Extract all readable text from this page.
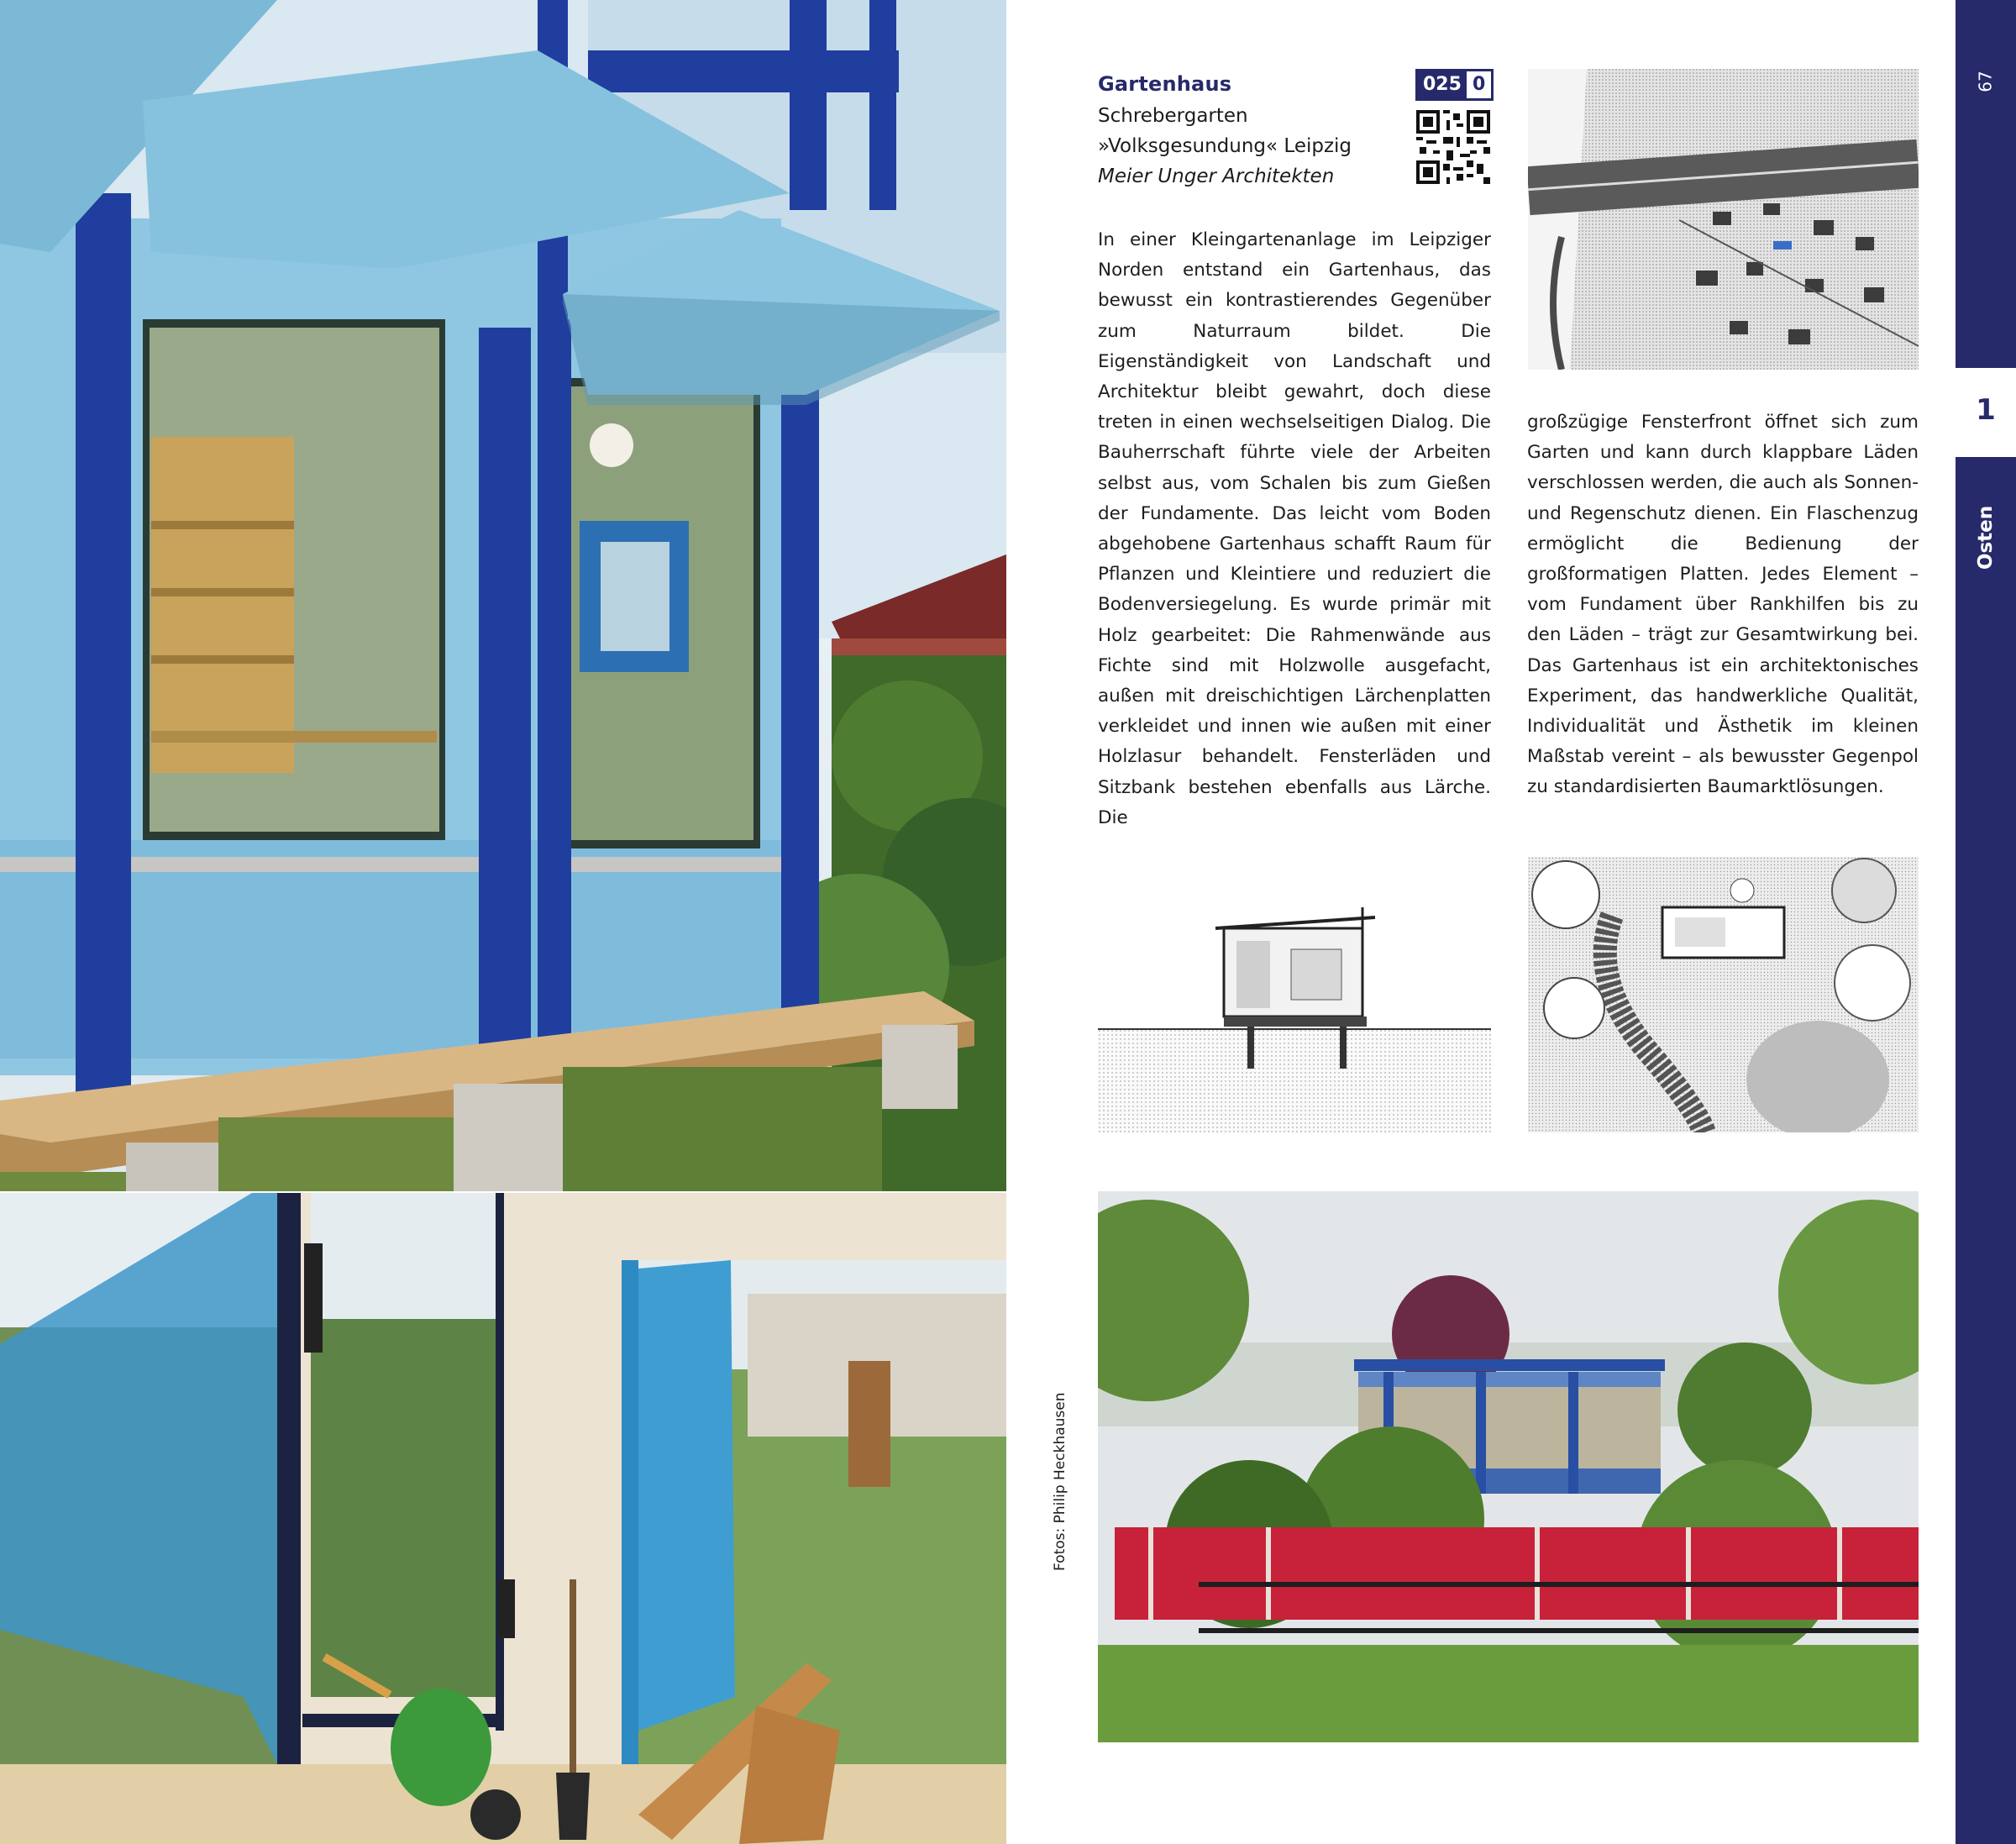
Gartenhaus
Schrebergarten
»Volksgesundung« Leipzig
Meier Unger Architekten
025 0

In einer Kleingartenanlage im Leipziger Norden entstand ein Gartenhaus, das bewusst ein kontrastierendes Gegenüber zum Naturraum bildet. Die Eigenständigkeit von Landschaft und Architektur bleibt gewahrt, doch diese treten in einen wechselseitigen Dialog. Die Bauherrschaft führte viele der Arbeiten selbst aus, vom Schalen bis zum Gießen der Fundamente. Das leicht vom Boden abgehobene Gartenhaus schafft Raum für Pflanzen und Kleintiere und reduziert die Bodenversiegelung. Es wurde primär mit Holz gearbeitet: Die Rahmenwände aus Fichte sind mit Holzwolle ausgefacht, außen mit dreischichtigen Lärchenplatten verkleidet und innen wie außen mit einer Holzlasur behandelt. Fensterläden und Sitzbank bestehen ebenfalls aus Lärche. Die

großzügige Fensterfront öffnet sich zum Garten und kann durch klappbare Läden verschlossen werden, die auch als Sonnen- und Regenschutz dienen. Ein Flaschenzug ermöglicht die Bedienung der großformatigen Platten. Jedes Element – vom Fundament über Rankhilfen bis zu den Läden – trägt zur Gesamtwirkung bei. Das Gartenhaus ist ein architektonisches Experiment, das handwerkliche Qualität, Individualität und Ästhetik im kleinen Maßstab vereint – als bewusster Gegenpol zu standardisierten Baumarktlösungen.

Fotos: Philip Heckhausen
67
1
Osten
